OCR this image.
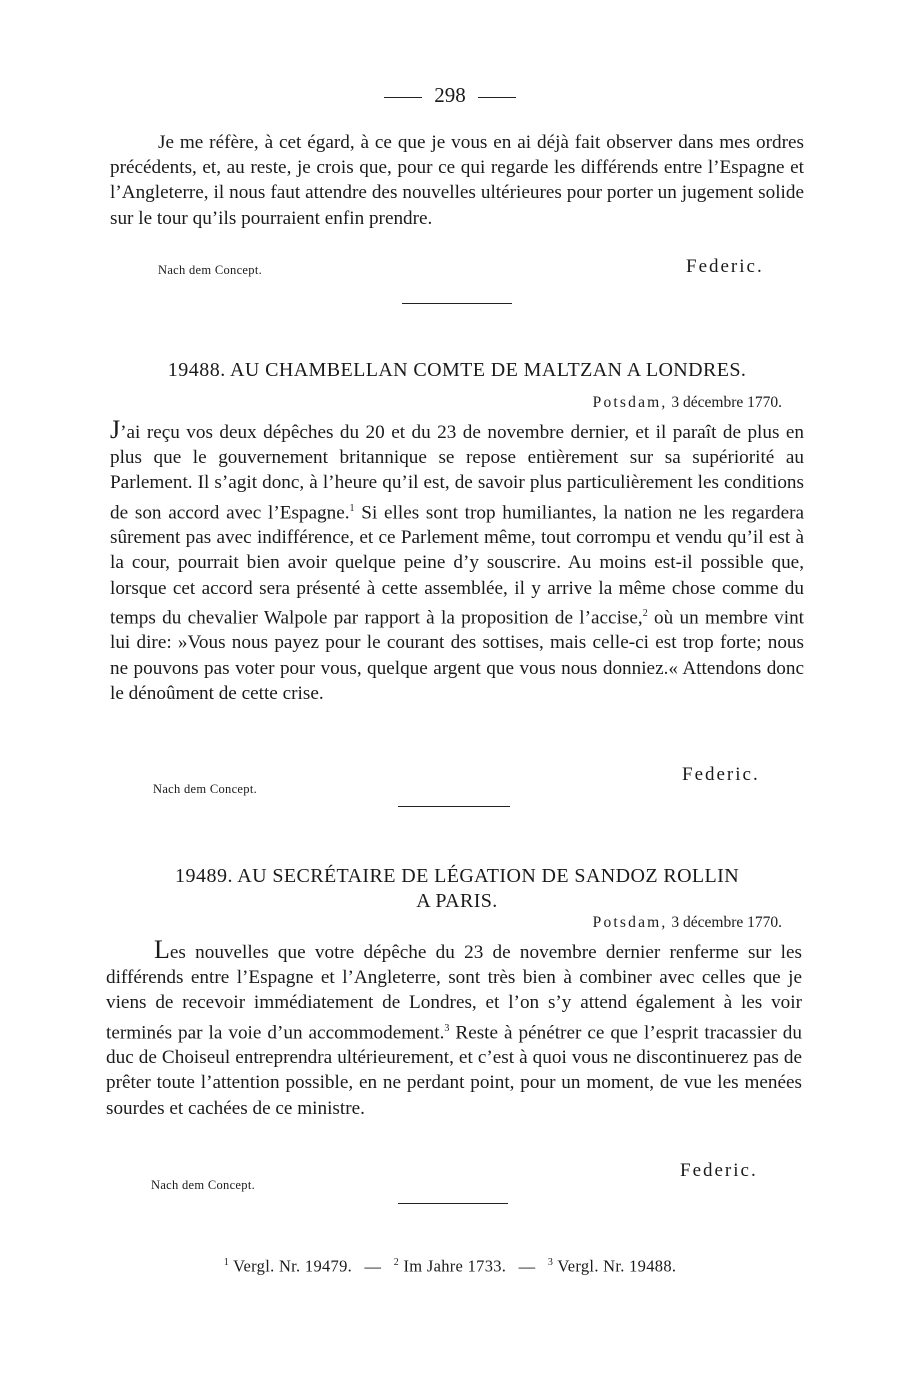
298
Je me réfère, à cet égard, à ce que je vous en ai déjà fait observer dans mes ordres précédents, et, au reste, je crois que, pour ce qui regarde les différends entre l’Espagne et l’Angleterre, il nous faut attendre des nouvelles ultérieures pour porter un jugement solide sur le tour qu’ils pourraient enfin prendre.
Nach dem Concept.	Federic.
19488. AU CHAMBELLAN COMTE DE MALTZAN A LONDRES.
Potsdam, 3 décembre 1770.
J’ai reçu vos deux dépêches du 20 et du 23 de novembre dernier, et il paraît de plus en plus que le gouvernement britannique se repose entièrement sur sa supériorité au Parlement. Il s’agit donc, à l’heure qu’il est, de savoir plus particulièrement les conditions de son accord avec l’Espagne.$^1$ Si elles sont trop humiliantes, la nation ne les regardera sûrement pas avec indifférence, et ce Parlement même, tout corrompu et vendu qu’il est à la cour, pourrait bien avoir quelque peine d’y souscrire. Au moins est-il possible que, lorsque cet accord sera présenté à cette assemblée, il y arrive la même chose comme du temps du chevalier Walpole par rapport à la proposition de l’accise,$^2$ où un membre vint lui dire: »Vous nous payez pour le courant des sottises, mais celle-ci est trop forte; nous ne pouvons pas voter pour vous, quelque argent que vous nous donniez.« Attendons donc le dénoûment de cette crise.
Nach dem Concept.
Federic.
19489. AU SECRÉTAIRE DE LÉGATION DE SANDOZ ROLLIN
A PARIS.
Potsdam, 3 décembre 1770.
Les nouvelles que votre dépêche du 23 de novembre dernier renferme sur les différends entre l’Espagne et l’Angleterre, sont très bien à combiner avec celles que je viens de recevoir immédiatement de Londres, et l’on s’y attend également à les voir terminés par la voie d’un accommodement.$^3$ Reste à pénétrer ce que l’esprit tracassier du duc de Choiseul entreprendra ultérieurement, et c’est à quoi vous ne discontinuerez pas de prêter toute l’attention possible, en ne perdant point, pour un moment, de vue les menées sourdes et cachées de ce ministre.
Nach dem Concept.
Federic.
$^1$ Vergl. Nr. 19479. — $^2$ Im Jahre 1733. — $^3$ Vergl. Nr. 19488.
